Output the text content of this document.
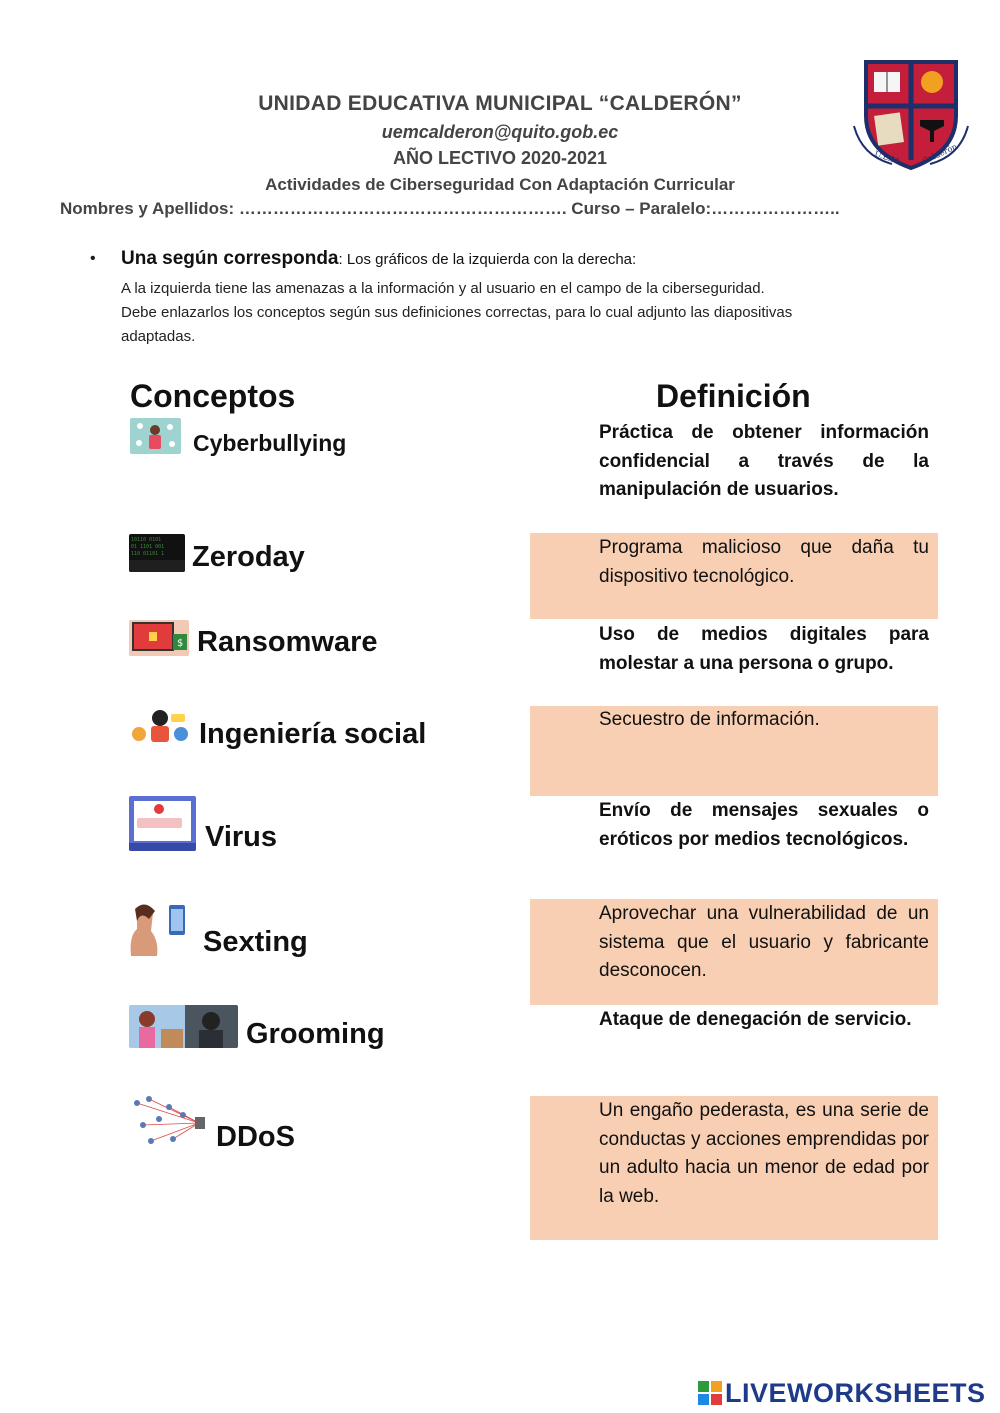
UNIDAD EDUCATIVA MUNICIPAL “CALDERÓN”
uemcalderon@quito.gob.ec
AÑO LECTIVO 2020-2021
Actividades de Ciberseguridad Con Adaptación Curricular
Nombres y Apellidos: …………………………………………………. Curso – Paralelo:…………………..
U.E.M	Calderón
• Una según corresponda: Los gráficos de la izquierda con la derecha:
A la izquierda tiene las amenazas a la información y al usuario en el campo de la ciberseguridad.
Debe enlazarlos los conceptos según sus definiciones correctas, para lo cual adjunto las diapositivas
adaptadas.
Conceptos	Definición
Cyberbullying
10110 0101
01 1101 001
110 01101 1 Zeroday
$ Ransomware
Ingeniería social
Virus
Sexting
Grooming
DDoS
Práctica de obtener información confidencial a través de la manipulación de usuarios.
Programa malicioso que daña tu dispositivo tecnológico.
Uso de medios digitales para molestar a una persona o grupo.
Secuestro de información.
Envío de mensajes sexuales o eróticos por medios tecnológicos.
Aprovechar una vulnerabilidad de un sistema que el usuario y fabricante desconocen.
Ataque de denegación de servicio.
Un engaño pederasta, es una serie de conductas y acciones emprendidas por un adulto hacia un menor de edad por la web.
LIVEWORKSHEETS
